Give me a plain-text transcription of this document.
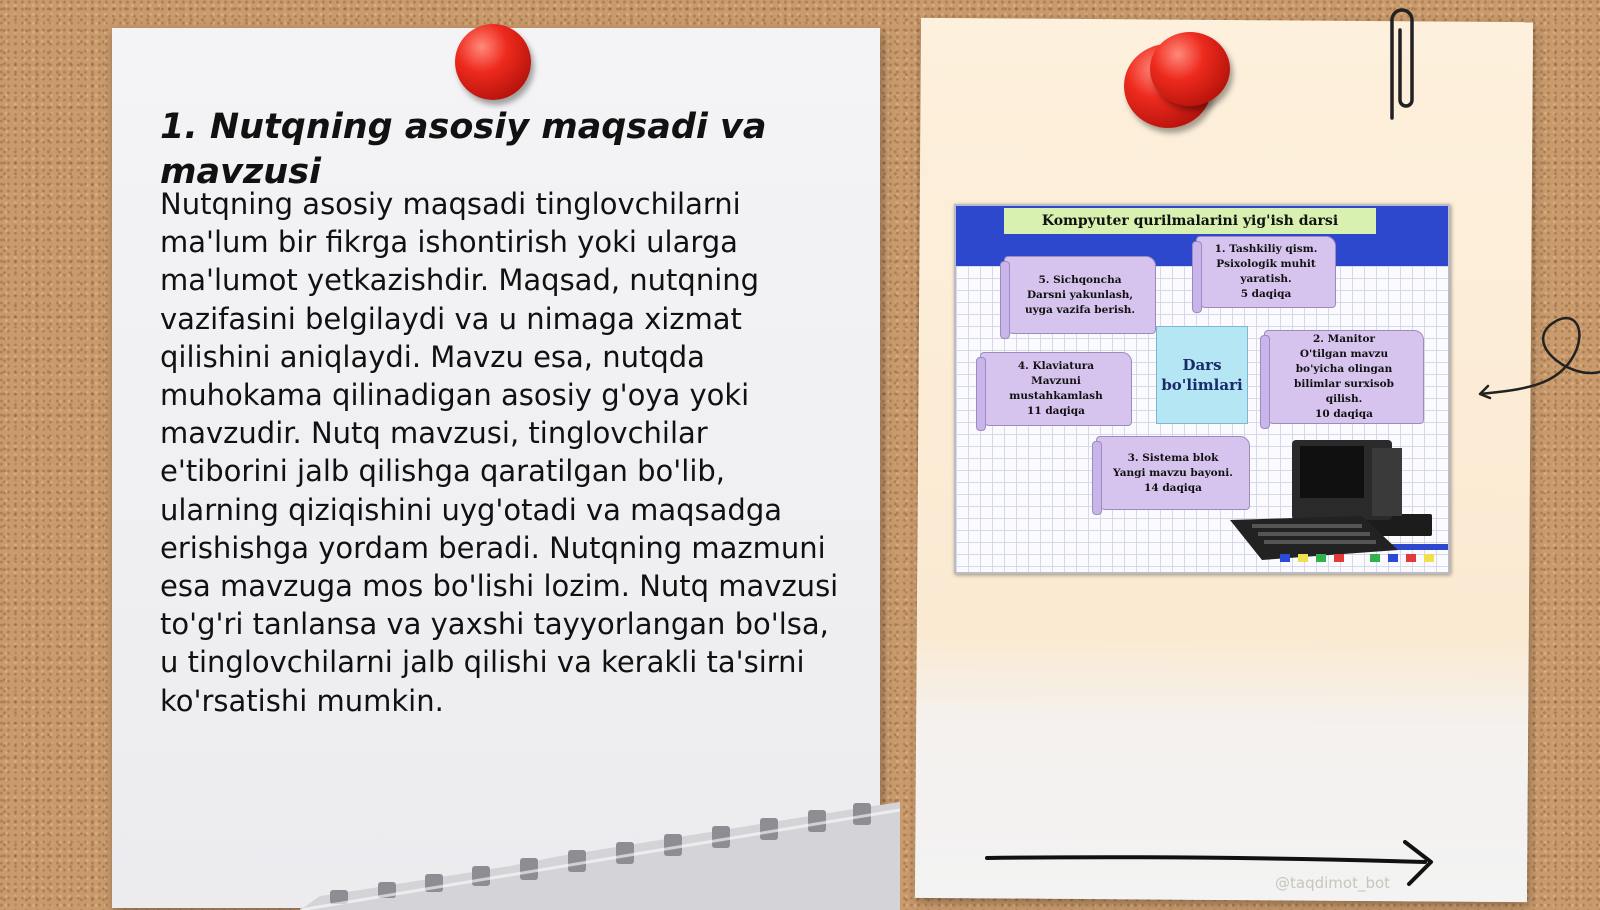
1. Nutqning asosiy maqsadi va mavzusi
Nutqning asosiy maqsadi tinglovchilarni ma'lum bir fikrga ishontirish yoki ularga ma'lumot yetkazishdir. Maqsad, nutqning vazifasini belgilaydi va u nimaga xizmat qilishini aniqlaydi. Mavzu esa, nutqda muhokama qilinadigan asosiy g'oya yoki mavzudir. Nutq mavzusi, tinglovchilar e'tiborini jalb qilishga qaratilgan bo'lib, ularning qiziqishini uyg'otadi va maqsadga erishishga yordam beradi. Nutqning mazmuni esa mavzuga mos bo'lishi lozim. Nutq mavzusi to'g'ri tanlansa va yaxshi tayyorlangan bo'lsa, u tinglovchilarni jalb qilishi va kerakli ta'sirni ko'rsatishi mumkin.
Kompyuter qurilmalarini yig'ish darsi
5. Sichqoncha
Darsni yakunlash,
uyga vazifa berish.
1. Tashkiliy qism.
Psixologik muhit
yaratish.
5 daqiqa
Dars
bo'limlari
4. Klaviatura
Mavzuni
mustahkamlash
11 daqiqa
2. Manitor
O'tilgan mavzu
bo'yicha olingan
bilimlar surxisob
qilish.
10 daqiqa
3. Sistema blok
Yangi mavzu bayoni.
14 daqiqa
@taqdimot_bot
